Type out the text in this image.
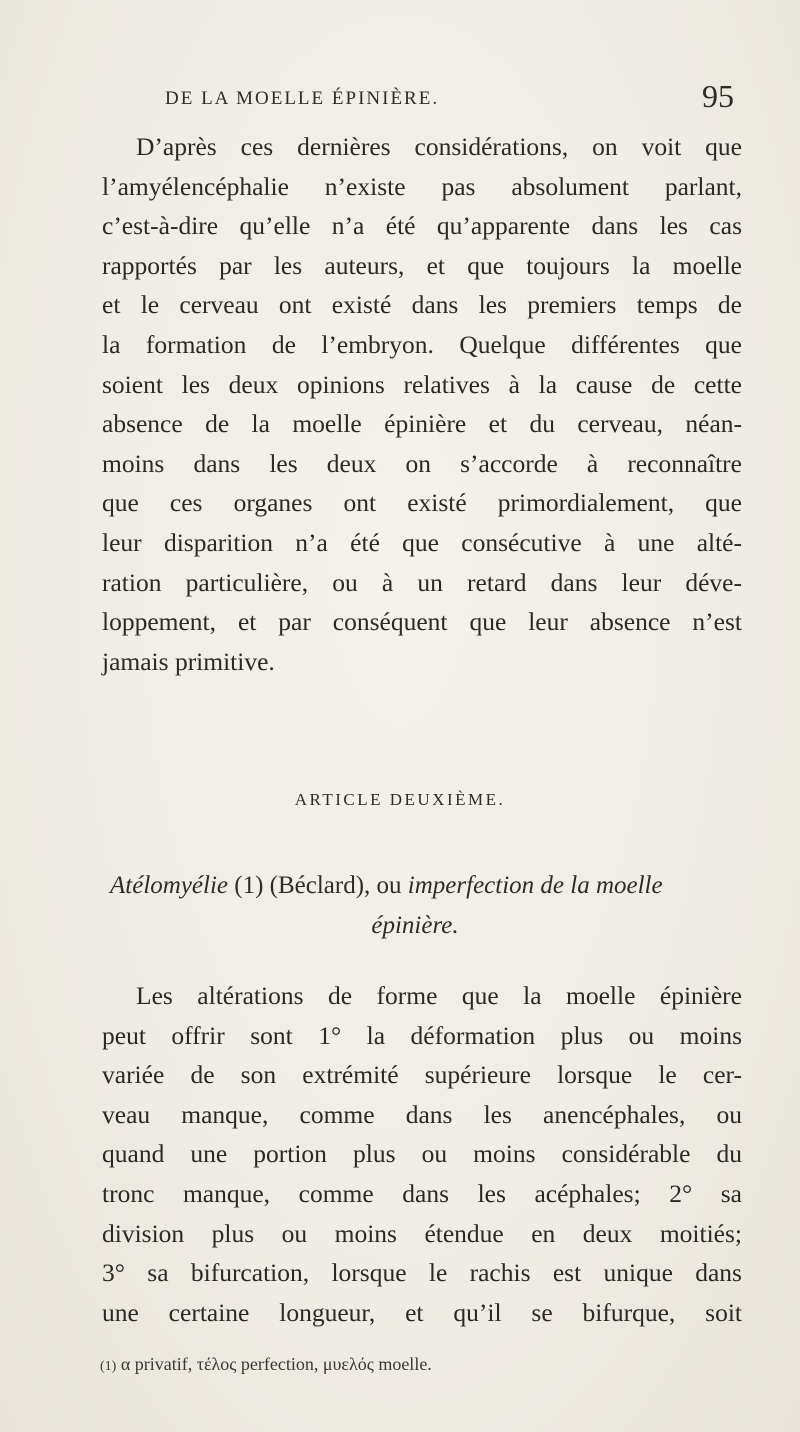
DE LA MOELLE ÉPINIÈRE.	95
D’après ces dernières considérations, on voit que
l’amyélencéphalie n’existe pas absolument parlant,
c’est-à-dire qu’elle n’a été qu’apparente dans les cas
rapportés par les auteurs, et que toujours la moelle
et le cerveau ont existé dans les premiers temps de
la formation de l’embryon. Quelque différentes que
soient les deux opinions relatives à la cause de cette
absence de la moelle épinière et du cerveau, néan-
moins dans les deux on s’accorde à reconnaître
que ces organes ont existé primordialement, que
leur disparition n’a été que consécutive à une alté-
ration particulière, ou à un retard dans leur déve-
loppement, et par conséquent que leur absence n’est
jamais primitive.
ARTICLE DEUXIÈME.
Atélomyélie (1) (Béclard), ou imperfection de la moelle
épinière.
Les altérations de forme que la moelle épinière
peut offrir sont 1° la déformation plus ou moins
variée de son extrémité supérieure lorsque le cer-
veau manque, comme dans les anencéphales, ou
quand une portion plus ou moins considérable du
tronc manque, comme dans les acéphales; 2° sa
division plus ou moins étendue en deux moitiés;
3° sa bifurcation, lorsque le rachis est unique dans
une certaine longueur, et qu’il se bifurque, soit
(1) α privatif, τέλος perfection, μυελός moelle.
